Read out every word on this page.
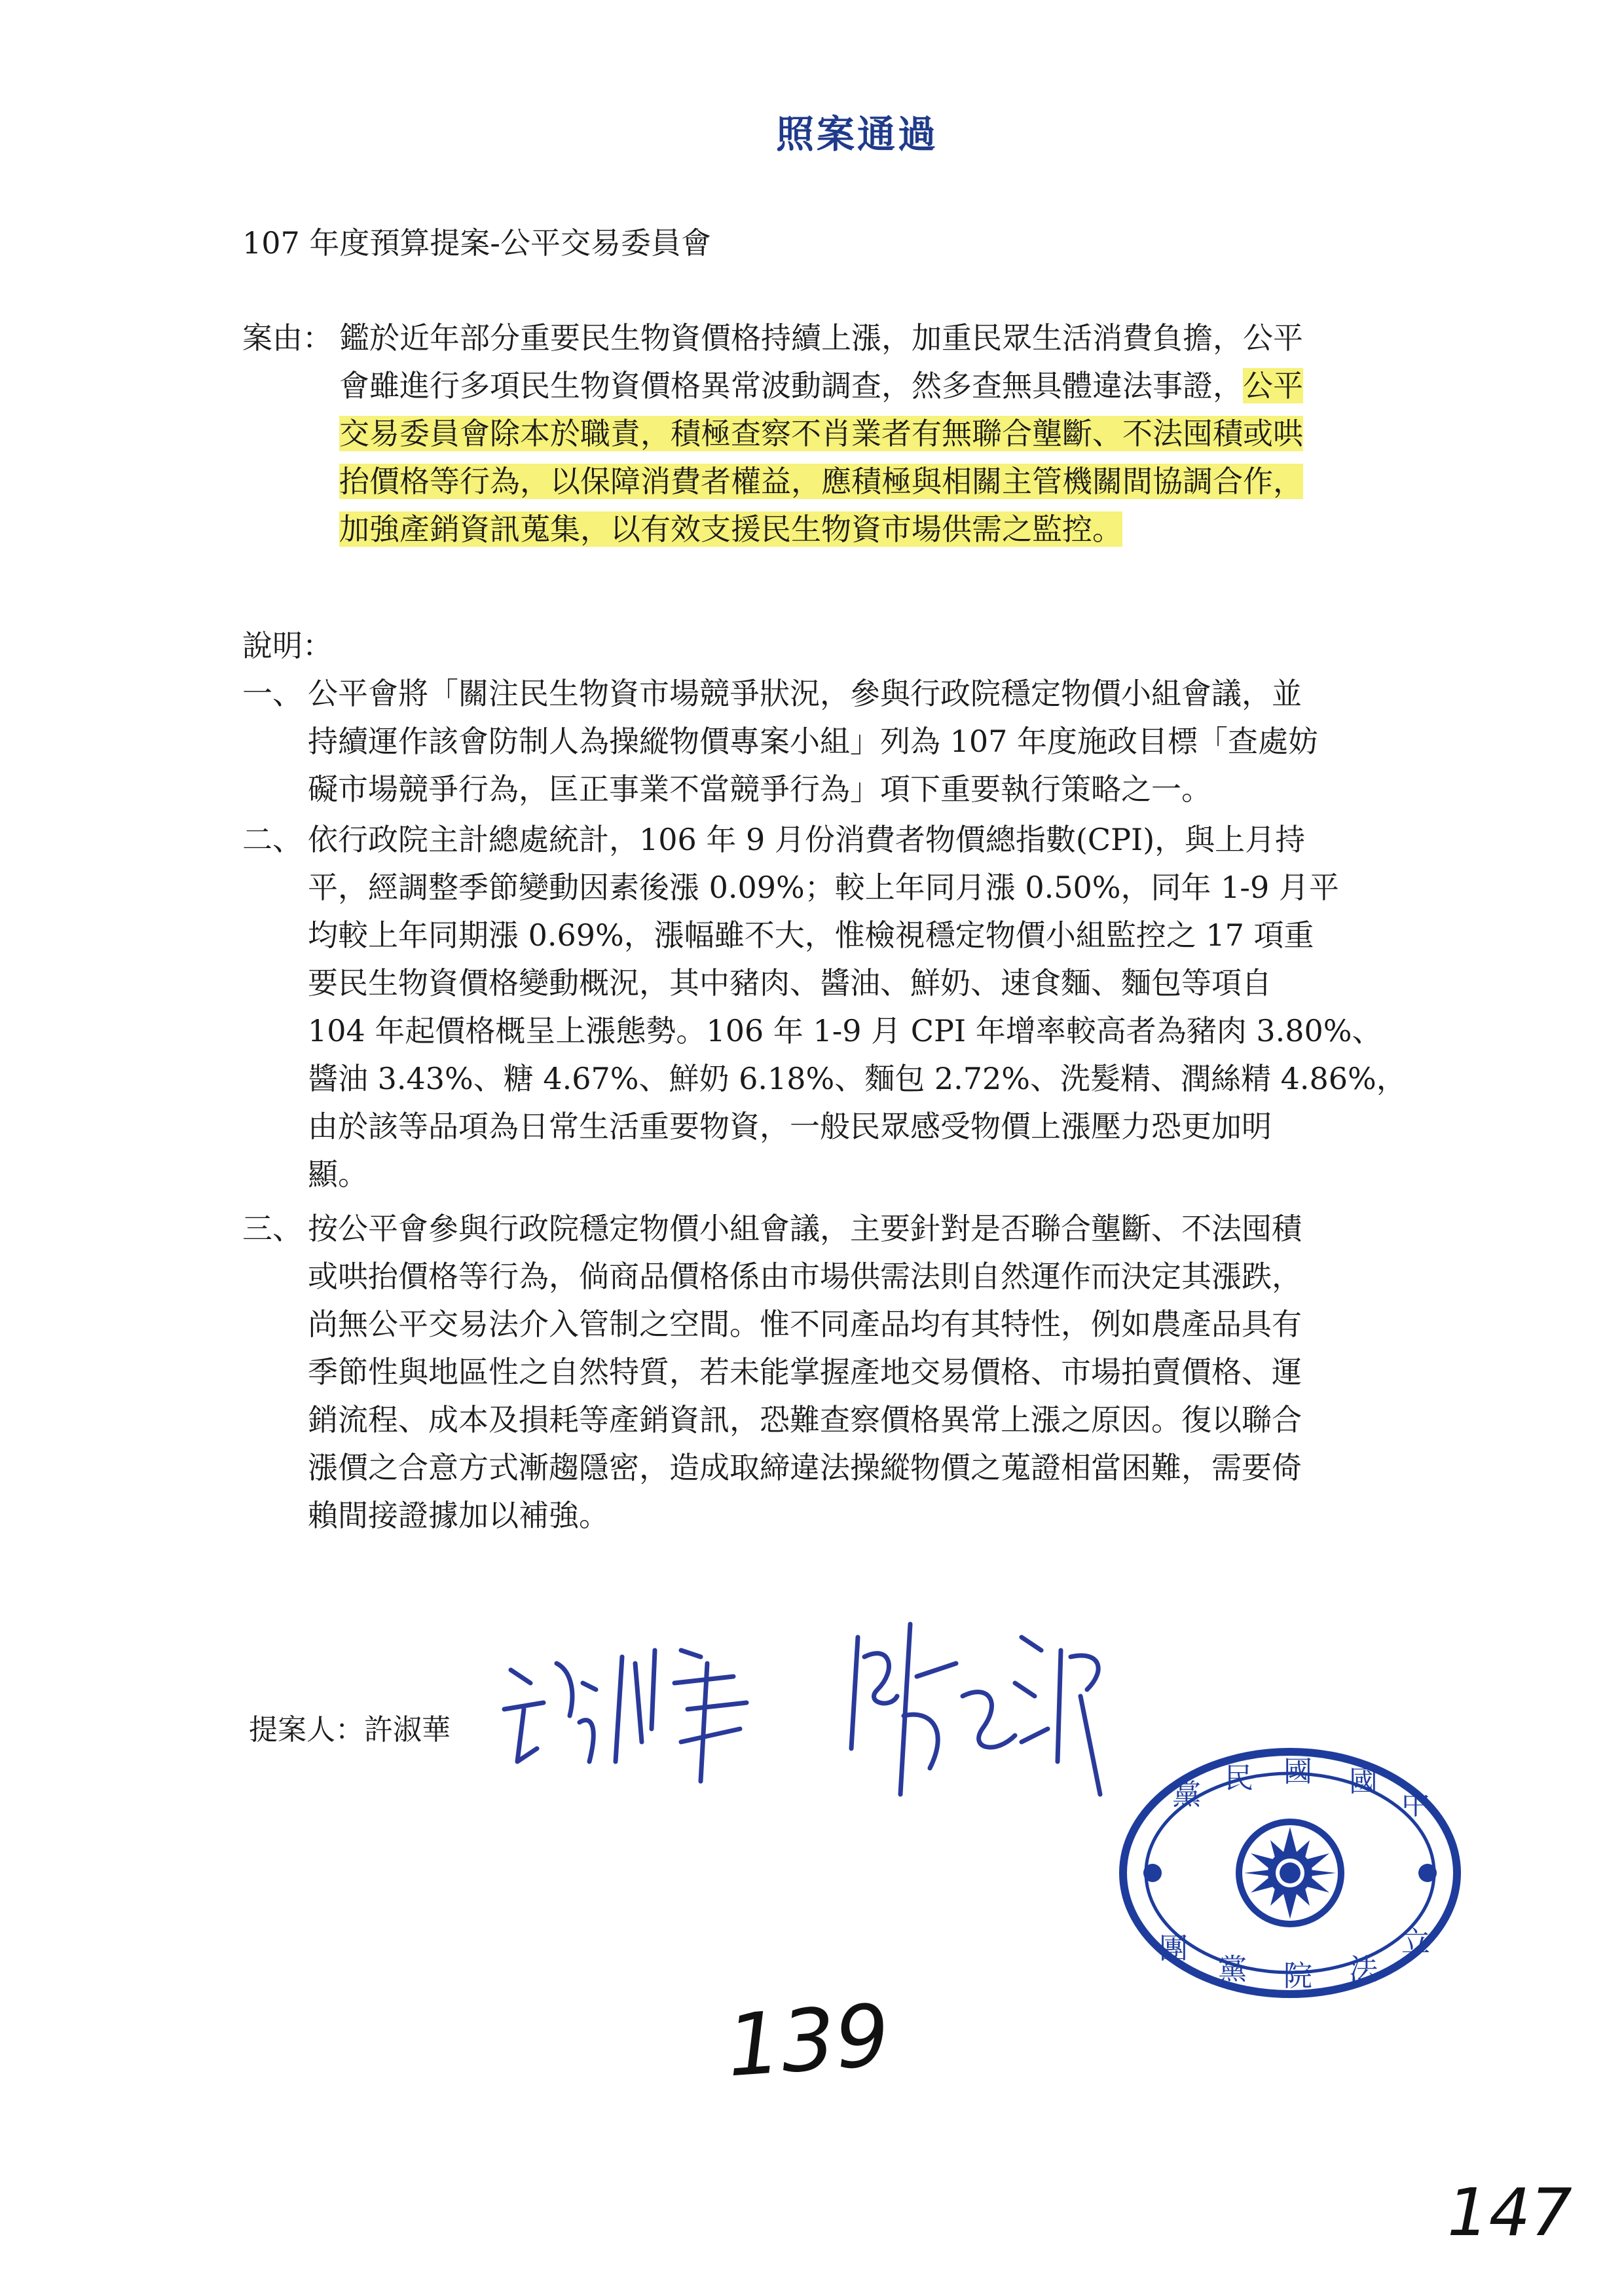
照案通過
107 年度預算提案-公平交易委員會
案由： 鑑於近年部分重要民生物資價格持續上漲，加重民眾生活消費負擔，公平
會雖進行多項民生物資價格異常波動調查，然多查無具體違法事證，公平
交易委員會除本於職責，積極查察不肖業者有無聯合壟斷、不法囤積或哄
抬價格等行為，以保障消費者權益，應積極與相關主管機關間協調合作，
加強產銷資訊蒐集，以有效支援民生物資市場供需之監控。
說明：
一、 公平會將「關注民生物資市場競爭狀況，參與行政院穩定物價小組會議，並
持續運作該會防制人為操縱物價專案小組」列為 107 年度施政目標「查處妨
礙市場競爭行為，匡正事業不當競爭行為」項下重要執行策略之一。
二、 依行政院主計總處統計，106 年 9 月份消費者物價總指數(CPI)，與上月持
平，經調整季節變動因素後漲 0.09%；較上年同月漲 0.50%，同年 1-9 月平
均較上年同期漲 0.69%，漲幅雖不大，惟檢視穩定物價小組監控之 17 項重
要民生物資價格變動概況，其中豬肉、醬油、鮮奶、速食麵、麵包等項自
104 年起價格概呈上漲態勢。106 年 1-9 月 CPI 年增率較高者為豬肉 3.80%、
醬油 3.43%、糖 4.67%、鮮奶 6.18%、麵包 2.72%、洗髮精、潤絲精 4.86%，
由於該等品項為日常生活重要物資，一般民眾感受物價上漲壓力恐更加明
顯。
三、 按公平會參與行政院穩定物價小組會議，主要針對是否聯合壟斷、不法囤積
或哄抬價格等行為，倘商品價格係由市場供需法則自然運作而決定其漲跌，
尚無公平交易法介入管制之空間。惟不同產品均有其特性，例如農產品具有
季節性與地區性之自然特質，若未能掌握產地交易價格、市場拍賣價格、運
銷流程、成本及損耗等產銷資訊，恐難查察價格異常上漲之原因。復以聯合
漲價之合意方式漸趨隱密，造成取締違法操縱物價之蒐證相當困難，需要倚
賴間接證據加以補強。
提案人：許淑華
黨 民 國 國
中
團
黨 院 法
立
139
147
